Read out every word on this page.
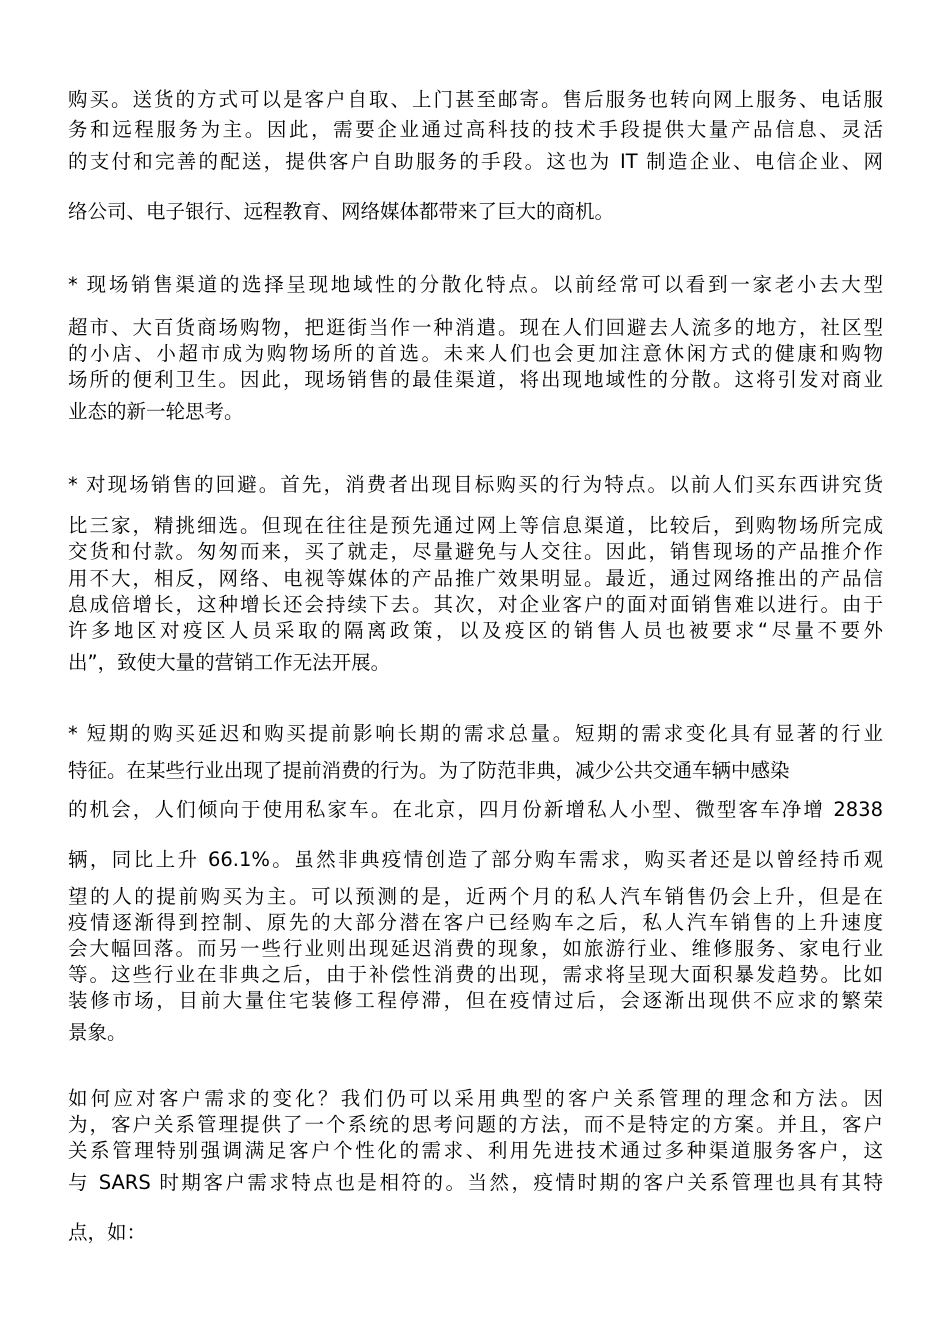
购买。送货的方式可以是客户自取、上门甚至邮寄。售后服务也转向网上服务、电话服
务和远程服务为主。因此，需要企业通过高科技的技术手段提供大量产品信息、灵活
的支付和完善的配送，提供客户自助服务的手段。这也为 IT 制造企业、电信企业、网
络公司、电子银行、远程教育、网络媒体都带来了巨大的商机。
* 现场销售渠道的选择呈现地域性的分散化特点。以前经常可以看到一家老小去大型
超市、大百货商场购物，把逛街当作一种消遣。现在人们回避去人流多的地方，社区型
的小店、小超市成为购物场所的首选。未来人们也会更加注意休闲方式的健康和购物
场所的便利卫生。因此，现场销售的最佳渠道，将出现地域性的分散。这将引发对商业
业态的新一轮思考。
* 对现场销售的回避。首先，消费者出现目标购买的行为特点。以前人们买东西讲究货
比三家，精挑细选。但现在往往是预先通过网上等信息渠道，比较后，到购物场所完成
交货和付款。匆匆而来，买了就走，尽量避免与人交往。因此，销售现场的产品推介作
用不大，相反，网络、电视等媒体的产品推广效果明显。最近，通过网络推出的产品信
息成倍增长，这种增长还会持续下去。其次，对企业客户的面对面销售难以进行。由于
许多地区对疫区人员采取的隔离政策，以及疫区的销售人员也被要求“尽量不要外
出”，致使大量的营销工作无法开展。
* 短期的购买延迟和购买提前影响长期的需求总量。短期的需求变化具有显著的行业
特征。在某些行业出现了提前消费的行为。为了防范非典，减少公共交通车辆中感染
的机会，人们倾向于使用私家车。在北京，四月份新增私人小型、微型客车净增 2838
辆，同比上升 66.1%。虽然非典疫情创造了部分购车需求，购买者还是以曾经持币观
望的人的提前购买为主。可以预测的是，近两个月的私人汽车销售仍会上升，但是在
疫情逐渐得到控制、原先的大部分潜在客户已经购车之后，私人汽车销售的上升速度
会大幅回落。而另一些行业则出现延迟消费的现象，如旅游行业、维修服务、家电行业
等。这些行业在非典之后，由于补偿性消费的出现，需求将呈现大面积暴发趋势。比如
装修市场，目前大量住宅装修工程停滞，但在疫情过后，会逐渐出现供不应求的繁荣
景象。
如何应对客户需求的变化？我们仍可以采用典型的客户关系管理的理念和方法。因
为，客户关系管理提供了一个系统的思考问题的方法，而不是特定的方案。并且，客户
关系管理特别强调满足客户个性化的需求、利用先进技术通过多种渠道服务客户，这
与 SARS 时期客户需求特点也是相符的。当然，疫情时期的客户关系管理也具有其特
点，如：
